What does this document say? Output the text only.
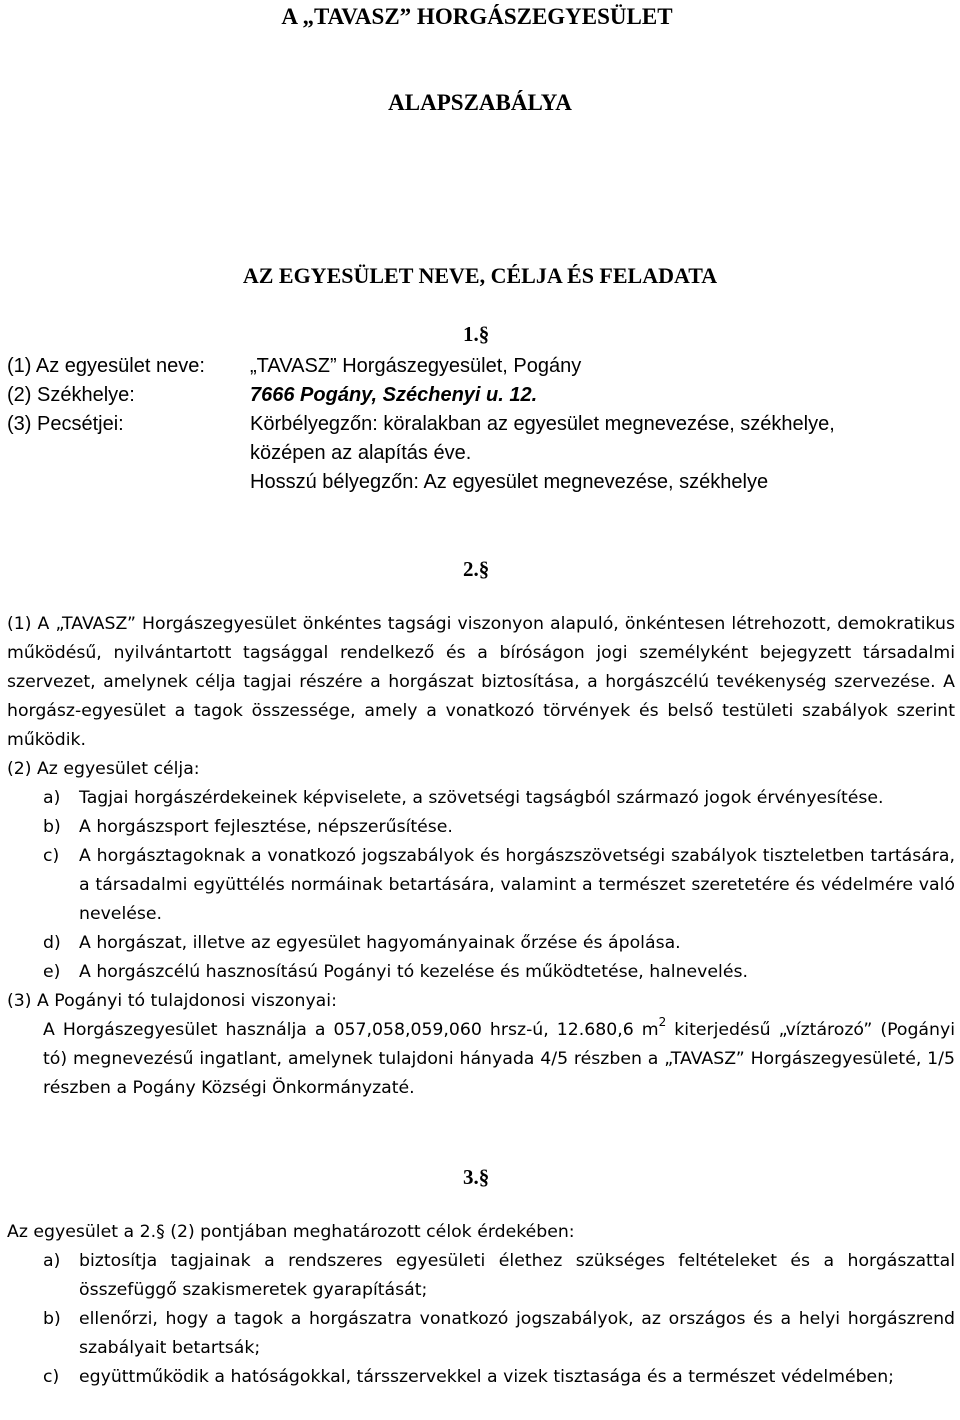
A „TAVASZ” HORGÁSZEGYESÜLET
ALAPSZABÁLYA
AZ EGYESÜLET NEVE, CÉLJA ÉS FELADATA

1.§

(1) Az egyesület neve:	„TAVASZ” Horgászegyesület, Pogány
(2) Székhelye:	7666 Pogány, Széchenyi u. 12.
(3) Pecsétjei:	Körbélyegzőn: köralakban az egyesület megnevezése, székhelye,
középen az alapítás éve.
Hosszú bélyegzőn: Az egyesület megnevezése, székhelye

2.§

(1) A „TAVASZ” Horgászegyesület önkéntes tagsági viszonyon alapuló, önkéntesen létrehozott, demokratikus működésű, nyilvántartott tagsággal rendelkező és a bíróságon jogi személyként bejegyzett társadalmi szervezet, amelynek célja tagjai részére a horgászat biztosítása, a horgászcélú tevékenység szervezése. A horgász-egyesület a tagok összessége, amely a vonatkozó törvények és belső testületi szabályok szerint működik.

(2) Az egyesület célja:

a)	Tagjai horgászérdekeinek képviselete, a szövetségi tagságból származó jogok érvényesítése.
b)	A horgászsport fejlesztése, népszerűsítése.
c)	A horgásztagoknak a vonatkozó jogszabályok és horgászszövetségi szabályok tiszteletben tartására, a társadalmi együttélés normáinak betartására, valamint a természet szeretetére és védelmére való nevelése.
d)	A horgászat, illetve az egyesület hagyományainak őrzése és ápolása.
e)	A horgászcélú hasznosítású Pogányi tó kezelése és működtetése, halnevelés.

(3) A Pogányi tó tulajdonosi viszonyai:

A Horgászegyesület használja a 057,058,059,060 hrsz-ú, 12.680,6 $m^2$ kiterjedésű „víztározó” (Pogányi tó) megnevezésű ingatlant, amelynek tulajdoni hányada 4/5 részben a „TAVASZ” Horgászegyesületé, 1/5 részben a Pogány Községi Önkormányzaté.

3.§

Az egyesület a 2.§ (2) pontjában meghatározott célok érdekében:

a)	biztosítja tagjainak a rendszeres egyesületi élethez szükséges feltételeket és a horgászattal összefüggő szakismeretek gyarapítását;
b)	ellenőrzi, hogy a tagok a horgászatra vonatkozó jogszabályok, az országos és a helyi horgászrend szabályait betartsák;
c)	együttműködik a hatóságokkal, társszervekkel a vizek tisztasága és a természet védelmében;
